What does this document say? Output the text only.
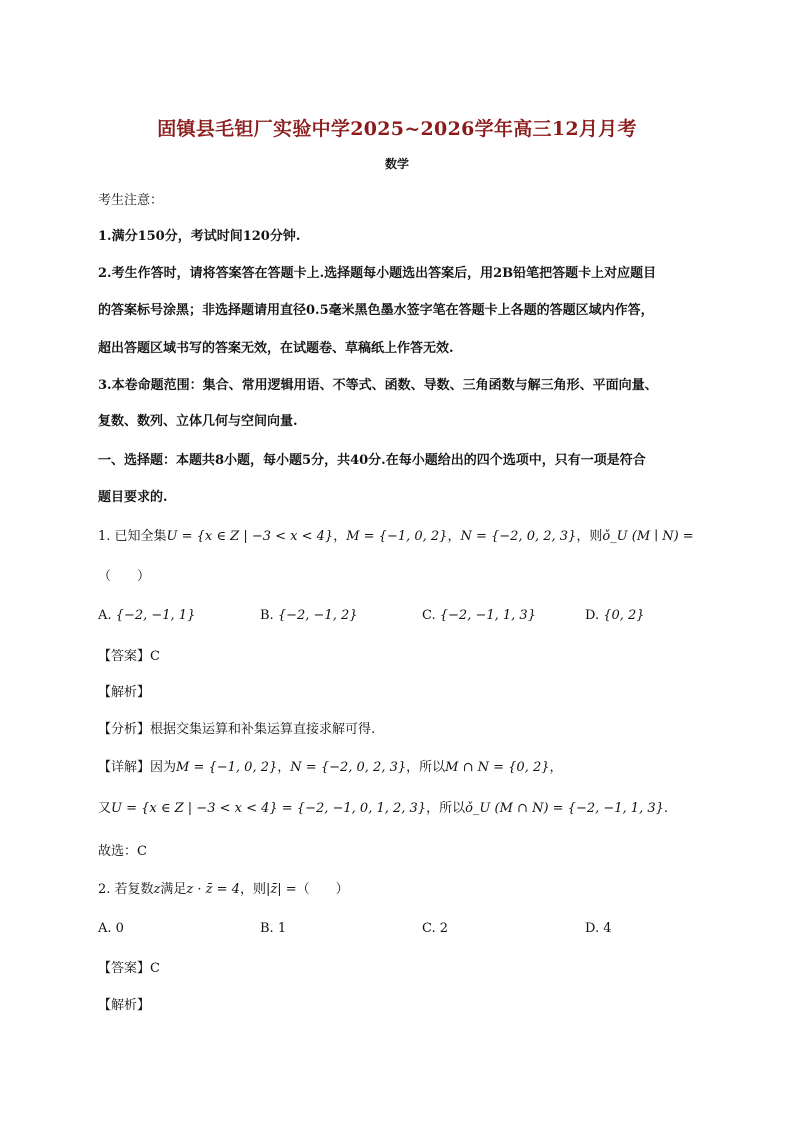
固镇县毛钽厂实验中学2025~2026学年高三12月月考
数学
考生注意：
1.满分150分，考试时间120分钟.
2.考生作答时，请将答案答在答题卡上.选择题每小题选出答案后，用2B铅笔把答题卡上对应题目
的答案标号涂黑；非选择题请用直径0.5毫米黑色墨水签字笔在答题卡上各题的答题区域内作答，
超出答题区域书写的答案无效，在试题卷、草稿纸上作答无效.
3.本卷命题范围：集合、常用逻辑用语、不等式、函数、导数、三角函数与解三角形、平面向量、
复数、数列、立体几何与空间向量.
一、选择题：本题共8小题，每小题5分，共40分.在每小题给出的四个选项中，只有一项是符合
题目要求的.
1. 已知全集U = {x ∈ Z | −3 < x < 4}，M = {−1, 0, 2}，N = {−2, 0, 2, 3}，则ǒ_U (M ∣ N) =
（　　）
A. {−2, −1, 1}	B. {−2, −1, 2}	C. {−2, −1, 1, 3}	D. {0, 2}
【答案】C
【解析】
【分析】根据交集运算和补集运算直接求解可得.
【详解】因为M = {−1, 0, 2}，N = {−2, 0, 2, 3}，所以M ∩ N = {0, 2}，
又U = {x ∈ Z | −3 < x < 4} = {−2, −1, 0, 1, 2, 3}，所以ǒ_U (M ∩ N) = {−2, −1, 1, 3}.
故选：C
2. 若复数z满足z · z̄ = 4，则|z̄| =（　　）
A. 0	B. 1	C. 2	D. 4
【答案】C
【解析】
